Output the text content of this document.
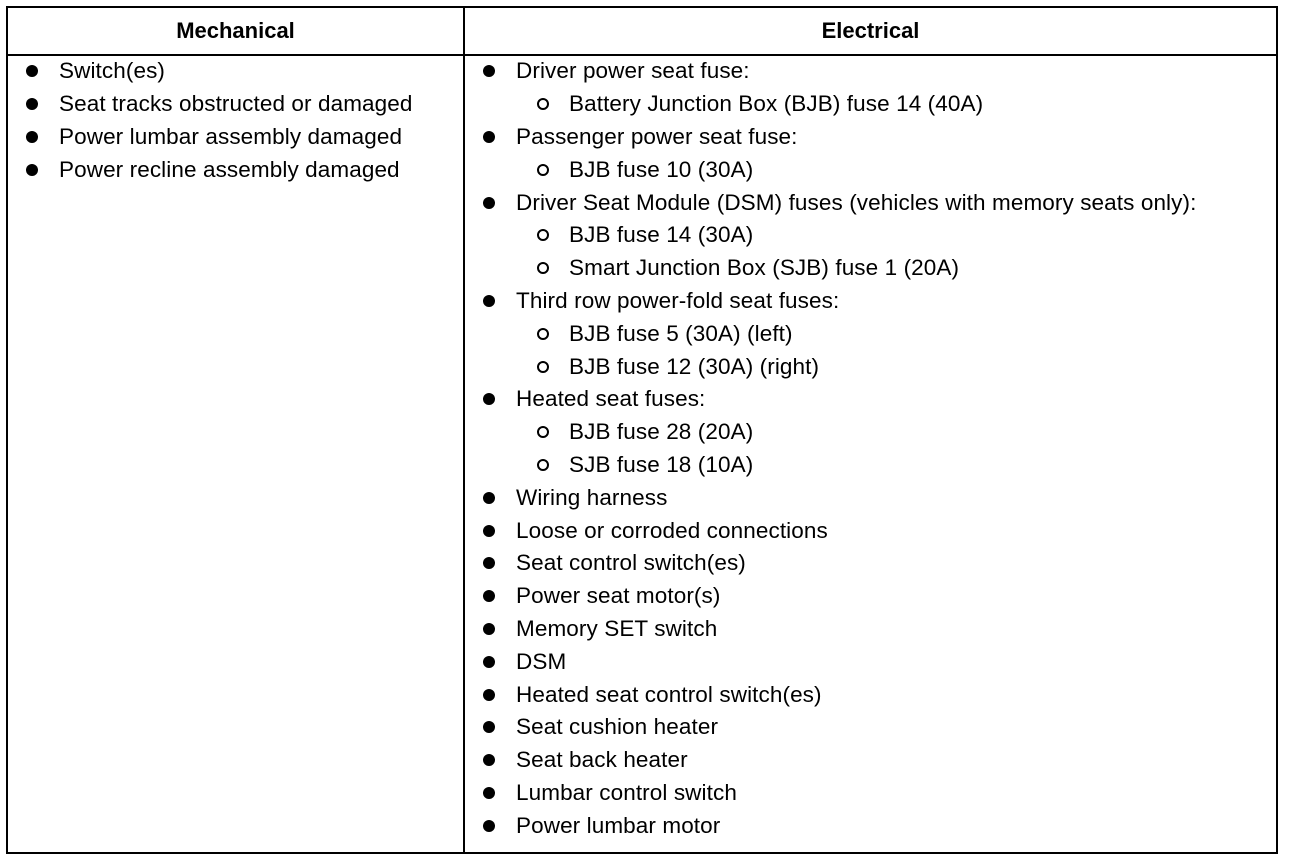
Mechanical	Electrical
Switch(es)
Seat tracks obstructed or damaged
Power lumbar assembly damaged
Power recline assembly damaged
Driver power seat fuse:
Battery Junction Box (BJB) fuse 14 (40A)
Passenger power seat fuse:
BJB fuse 10 (30A)
Driver Seat Module (DSM) fuses (vehicles with memory seats only):
BJB fuse 14 (30A)
Smart Junction Box (SJB) fuse 1 (20A)
Third row power-fold seat fuses:
BJB fuse 5 (30A) (left)
BJB fuse 12 (30A) (right)
Heated seat fuses:
BJB fuse 28 (20A)
SJB fuse 18 (10A)
Wiring harness
Loose or corroded connections
Seat control switch(es)
Power seat motor(s)
Memory SET switch
DSM
Heated seat control switch(es)
Seat cushion heater
Seat back heater
Lumbar control switch
Power lumbar motor
